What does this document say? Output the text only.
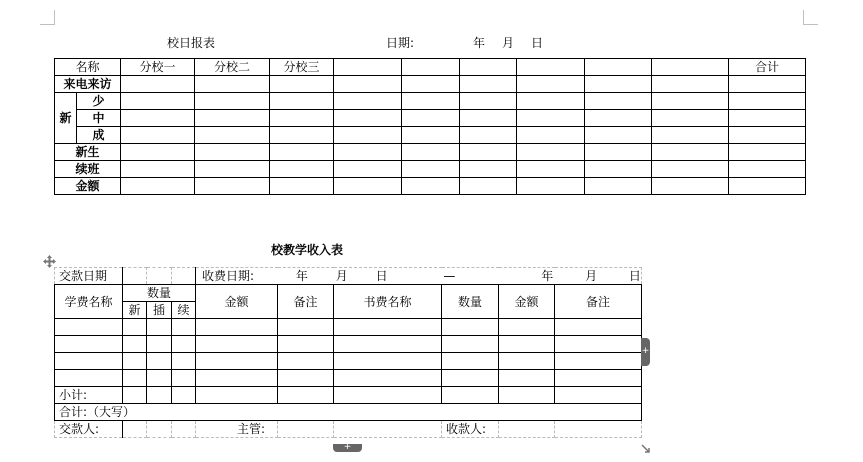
校日报表	日期:	年 月 日
名称		分校一	分校二	分校三							合计
来电来访											
新	少										
	中										
	成										
新生											
续班											
金额											
校教学收入表
交款日期				收费日期: 年 月 日 — 年 月 日					
学费名称	数量			金额	备注	书费名称	数量	金额	备注
	新	插	续						

小计:									
合计:（大写）									
交款人:				主管:			收款人:		
+
+
